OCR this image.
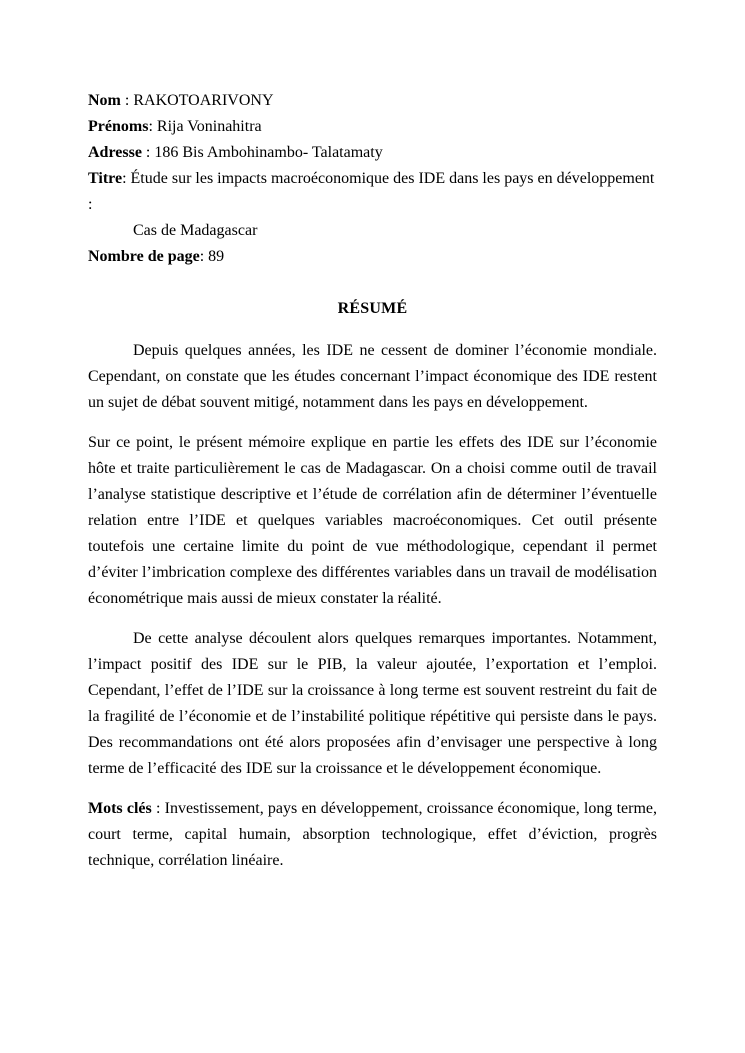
Nom : RAKOTOARIVONY

Prénoms: Rija Voninahitra

Adresse : 186 Bis Ambohinambo- Talatamaty

Titre: Étude sur les impacts macroéconomique des IDE dans les pays en développement :

Cas de Madagascar

Nombre de page: 89

RÉSUMÉ

Depuis quelques années, les IDE ne cessent de dominer l’économie mondiale. Cependant, on constate que les études concernant l’impact économique des IDE restent un sujet de débat souvent mitigé, notamment dans les pays en développement.

Sur ce point, le présent mémoire explique en partie les effets des IDE sur l’économie hôte et traite particulièrement le cas de Madagascar. On a choisi comme outil de travail l’analyse statistique descriptive et l’étude de corrélation afin de déterminer l’éventuelle relation entre l’IDE et quelques variables macroéconomiques. Cet outil présente toutefois une certaine limite du point de vue méthodologique, cependant il permet d’éviter l’imbrication complexe des différentes variables dans un travail de modélisation économétrique mais aussi de mieux constater la réalité.

De cette analyse découlent alors quelques remarques importantes. Notamment, l’impact positif des IDE sur le PIB, la valeur ajoutée, l’exportation et l’emploi. Cependant, l’effet de l’IDE sur la croissance à long terme est souvent restreint du fait de la fragilité de l’économie et de l’instabilité politique répétitive qui persiste dans le pays. Des recommandations ont été alors proposées afin d’envisager une perspective à long terme de l’efficacité des IDE sur la croissance et le développement économique.

Mots clés : Investissement, pays en développement, croissance économique, long terme, court terme, capital humain, absorption technologique, effet d’éviction, progrès technique, corrélation linéaire.
